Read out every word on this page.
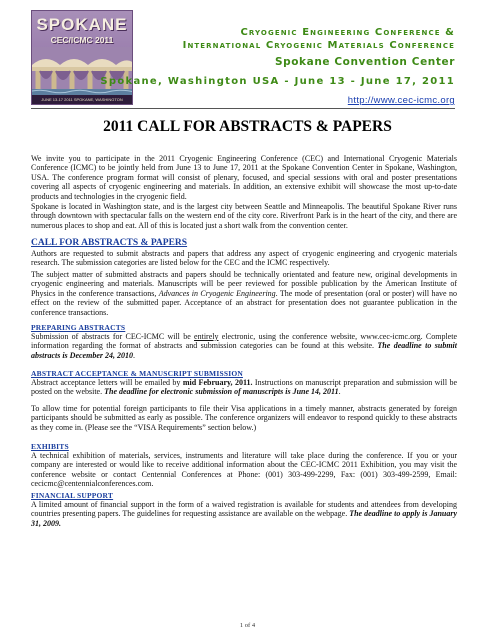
SPOKANE
CEC/ICMC 2011
JUNE 13-17 2011 SPOKANE, WASHINGTON
Cryogenic Engineering Conference &
International Cryogenic Materials Conference
Spokane Convention Center
Spokane, Washington USA - June 13 - June 17, 2011
http://www.cec-icmc.org
2011 CALL FOR ABSTRACTS & PAPERS

We invite you to participate in the 2011 Cryogenic Engineering Conference (CEC) and International Cryogenic Materials Conference (ICMC) to be jointly held from June 13 to June 17, 2011 at the Spokane Convention Center in Spokane, Washington, USA. The conference program format will consist of plenary, focused, and special sessions with oral and poster presentations covering all aspects of cryogenic engineering and materials. In addition, an extensive exhibit will showcase the most up-to-date products and technologies in the cryogenic field.

Spokane is located in Washington state, and is the largest city between Seattle and Minneapolis. The beautiful Spokane River runs through downtown with spectacular falls on the western end of the city core. Riverfront Park is in the heart of the city, and there are numerous places to shop and eat. All of this is located just a short walk from the convention center.

CALL FOR ABSTRACTS & PAPERS

Authors are requested to submit abstracts and papers that address any aspect of cryogenic engineering and cryogenic materials research. The submission categories are listed below for the CEC and the ICMC respectively.

The subject matter of submitted abstracts and papers should be technically orientated and feature new, original developments in cryogenic engineering and materials. Manuscripts will be peer reviewed for possible publication by the American Institute of Physics in the conference transactions, Advances in Cryogenic Engineering. The mode of presentation (oral or poster) will have no effect on the review of the submitted paper. Acceptance of an abstract for presentation does not guarantee publication in the conference transactions.

PREPARING ABSTRACTS

Submission of abstracts for CEC-ICMC will be entirely electronic, using the conference website, www.cec-icmc.org. Complete information regarding the format of abstracts and submission categories can be found at this website. The deadline to submit abstracts is December 24, 2010.

ABSTRACT ACCEPTANCE & MANUSCRIPT SUBMISSION

Abstract acceptance letters will be emailed by mid February, 2011. Instructions on manuscript preparation and submission will be posted on the website. The deadline for electronic submission of manuscripts is June 14, 2011.

To allow time for potential foreign participants to file their Visa applications in a timely manner, abstracts generated by foreign participants should be submitted as early as possible. The conference organizers will endeavor to respond quickly to these abstracts as they come in. (Please see the “VISA Requirements” section below.)

EXHIBITS

A technical exhibition of materials, services, instruments and literature will take place during the conference. If you or your company are interested or would like to receive additional information about the CEC-ICMC 2011 Exhibition, you may visit the conference website or contact Centennial Conferences at Phone: (001) 303-499-2299, Fax: (001) 303-499-2599, Email: cecicmc@centennialconferences.com.

FINANCIAL SUPPORT

A limited amount of financial support in the form of a waived registration is available for students and attendees from developing countries presenting papers. The guidelines for requesting assistance are available on the webpage. The deadline to apply is January 31, 2009.

1 of 4
